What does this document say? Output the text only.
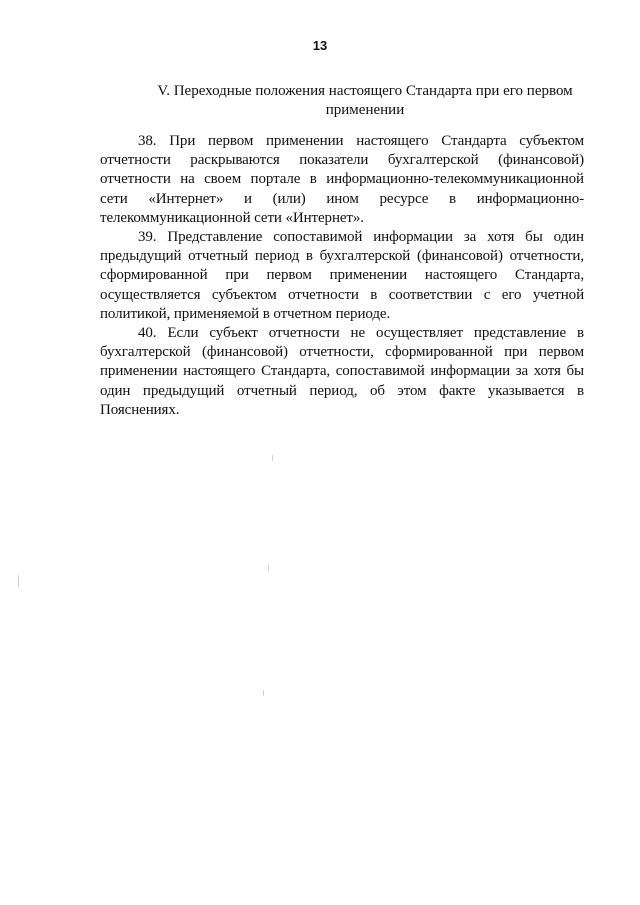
13
V. Переходные положения настоящего Стандарта при его первом применении

38. При первом применении настоящего Стандарта субъектом отчетности раскрываются показатели бухгалтерской (финансовой) отчетности на своем портале в информационно-телекоммуникационной сети «Интернет» и (или) ином ресурсе в информационно-телекоммуникационной сети «Интернет».

39. Представление сопоставимой информации за хотя бы один предыдущий отчетный период в бухгалтерской (финансовой) отчетности, сформированной при первом применении настоящего Стандарта, осуществляется субъектом отчетности в соответствии с его учетной политикой, применяемой в отчетном периоде.

40. Если субъект отчетности не осуществляет представление в бухгалтерской (финансовой) отчетности, сформированной при первом применении настоящего Стандарта, сопоставимой информации за хотя бы один предыдущий отчетный период, об этом факте указывается в Пояснениях.
